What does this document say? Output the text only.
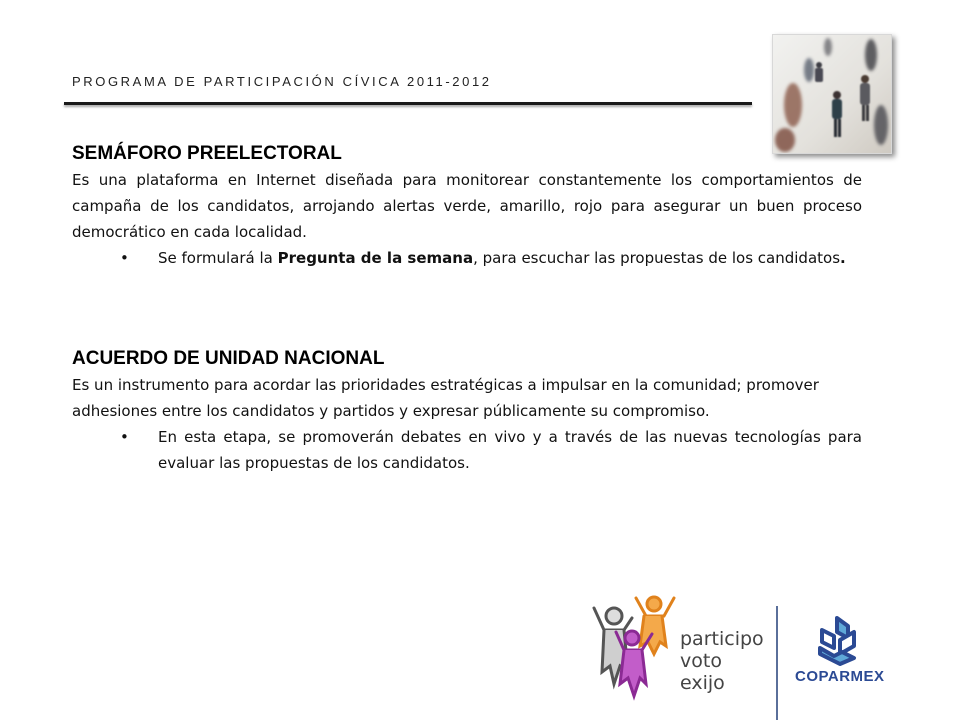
PROGRAMA DE PARTICIPACIÓN CÍVICA 2011-2012
SEMÁFORO PREELECTORAL

Es una plataforma en Internet diseñada para monitorear constantemente los comportamientos de campaña de los candidatos, arrojando alertas verde, amarillo, rojo para asegurar un buen proceso democrático en cada localidad.

• Se formulará la Pregunta de la semana, para escuchar las propuestas de los candidatos.

ACUERDO DE UNIDAD NACIONAL

Es un instrumento para acordar las prioridades estratégicas a impulsar en la comunidad; promover adhesiones entre los candidatos y partidos y expresar públicamente su compromiso.

• En esta etapa, se promoverán debates en vivo y a través de las nuevas tecnologías para evaluar las propuestas de los candidatos.

participo
voto
exijo	COPARMEX
